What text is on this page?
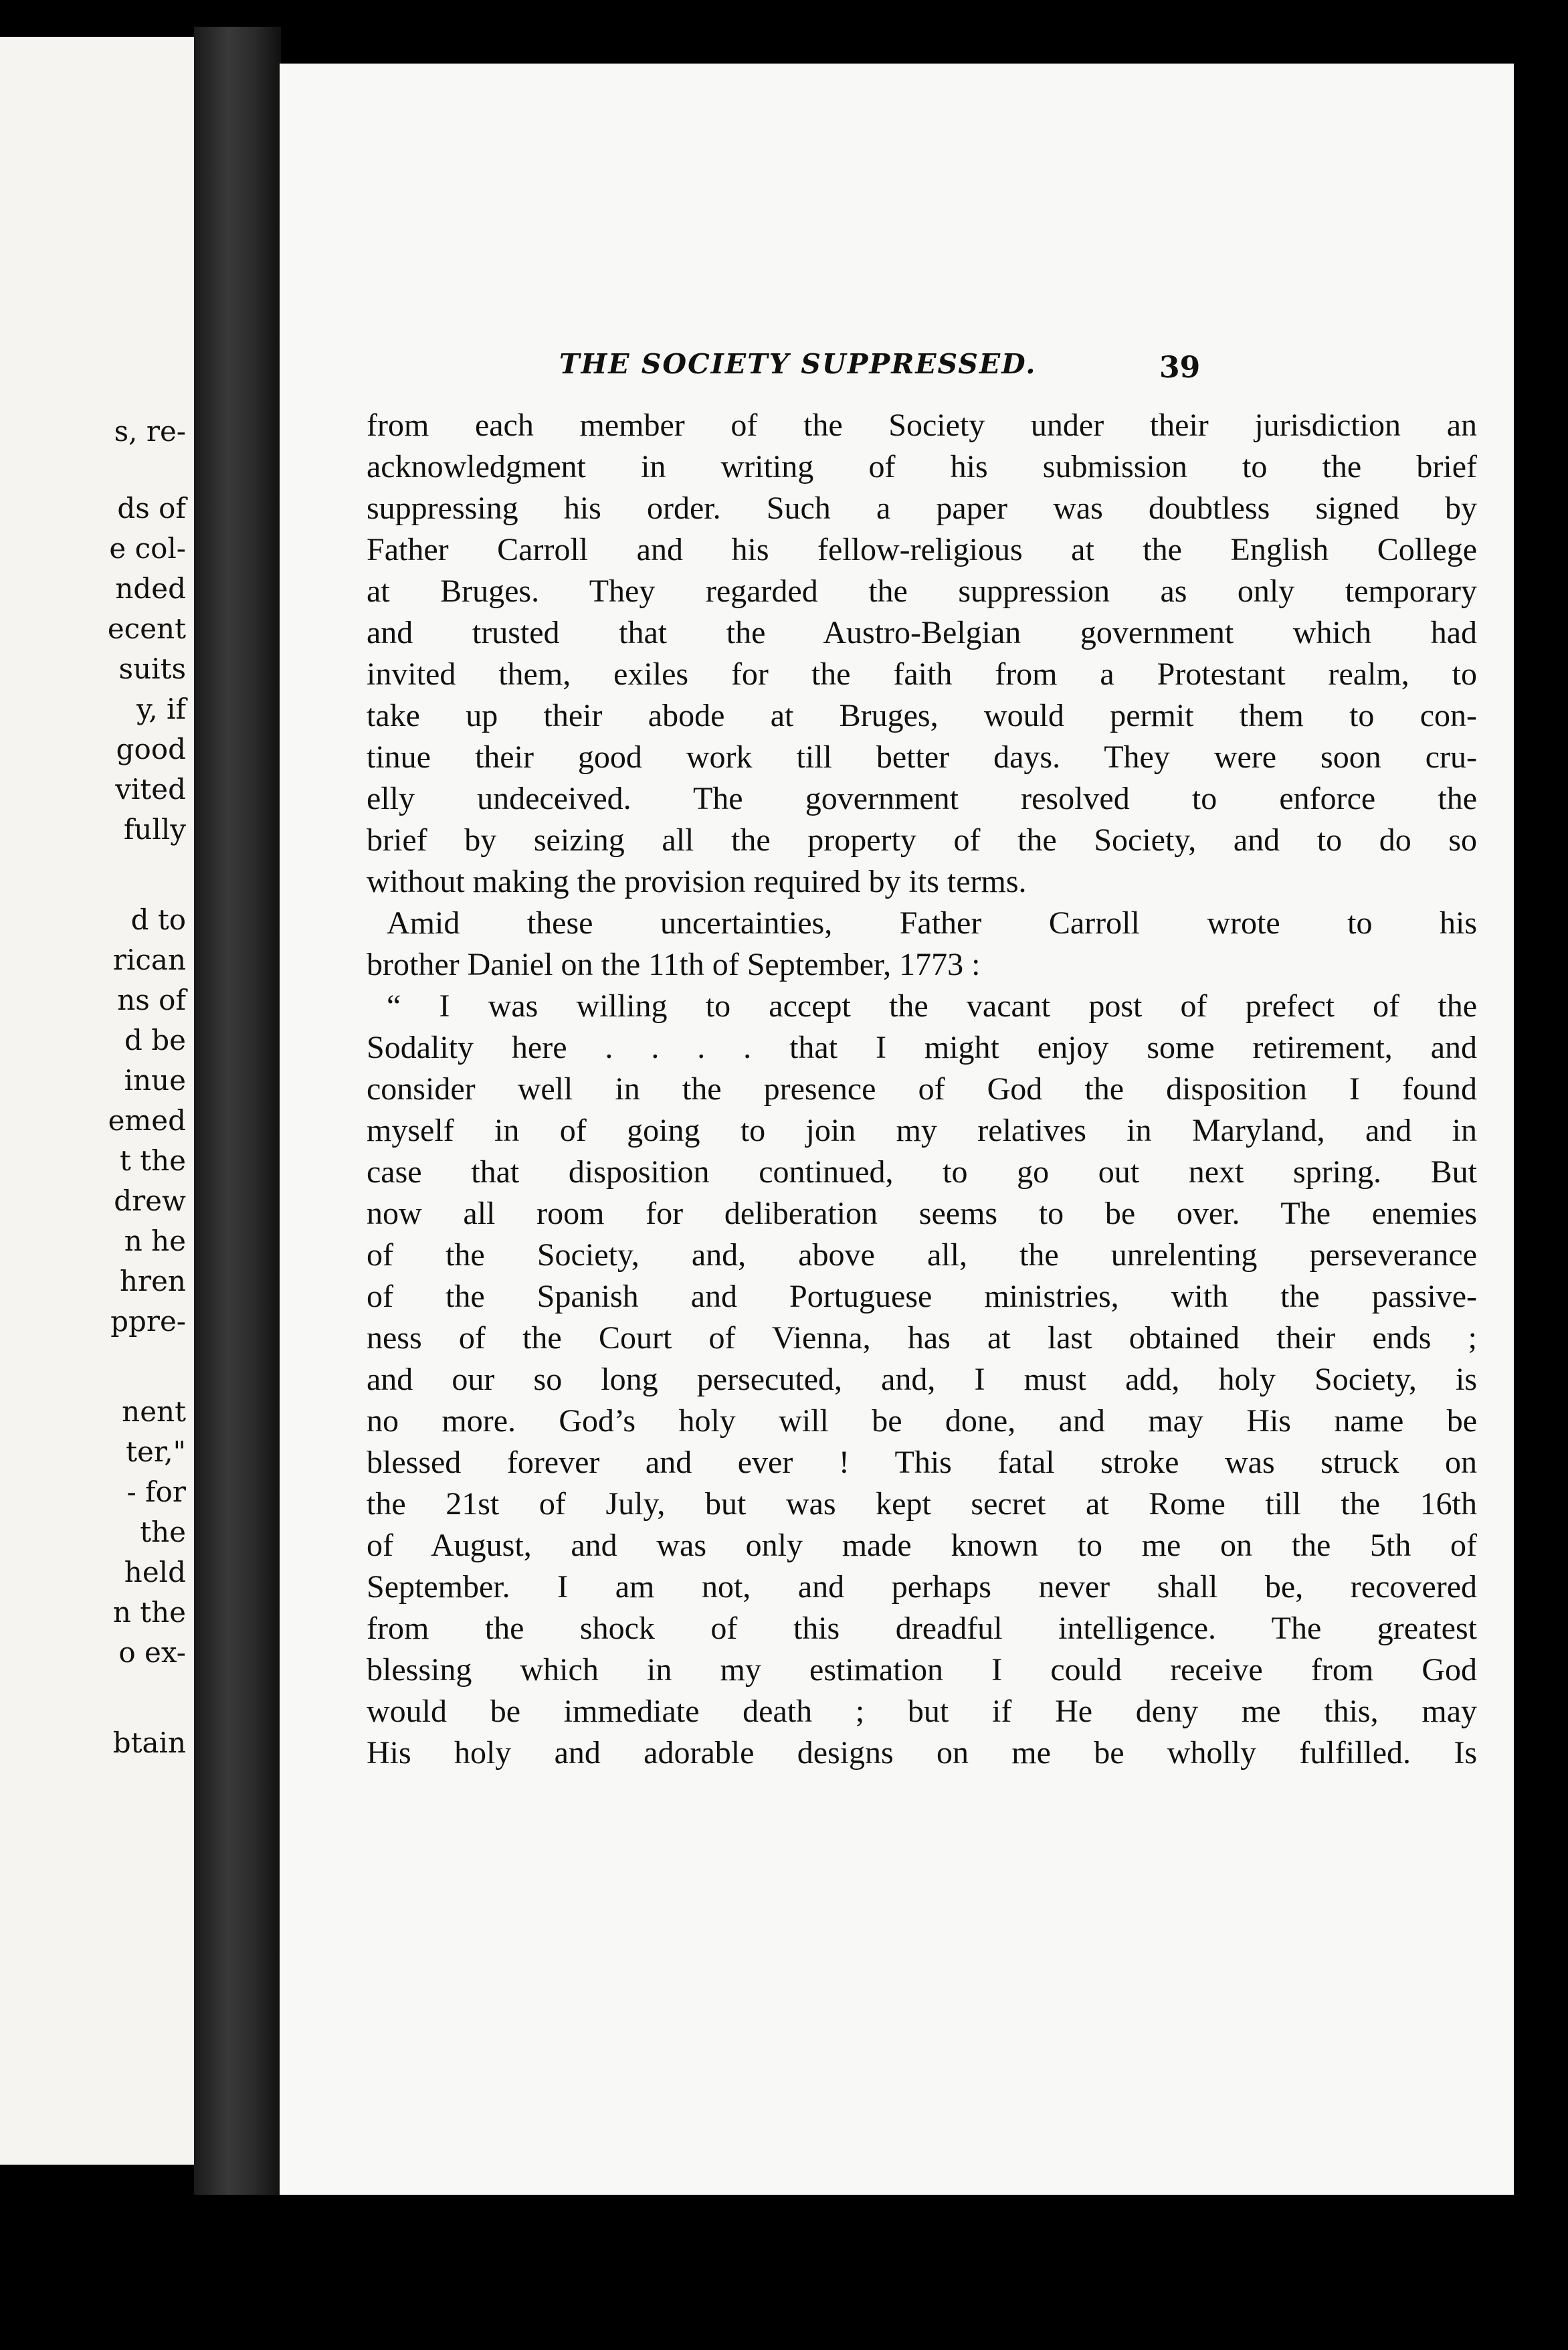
s, re-
ds of
e col-
nded
ecent
suits
y, if
good
vited
fully
d to
rican
ns of
d be
inue
emed
t the
drew
n he
hren
ppre-
nent
ter,"
- for
the
held
n the
o ex-
btain
THE SOCIETY SUPPRESSED.	39
from each member of the Society under their jurisdiction an
acknowledgment in writing of his submission to the brief
suppressing his order. Such a paper was doubtless signed by
Father Carroll and his fellow-religious at the English College
at Bruges. They regarded the suppression as only temporary
and trusted that the Austro-Belgian government which had
invited them, exiles for the faith from a Protestant realm, to
take up their abode at Bruges, would permit them to con-
tinue their good work till better days. They were soon cru-
elly undeceived. The government resolved to enforce the
brief by seizing all the property of the Society, and to do so
without making the provision required by its terms.
Amid these uncertainties, Father Carroll wrote to his
brother Daniel on the 11th of September, 1773 :
“ I was willing to accept the vacant post of prefect of the
Sodality here . . . . that I might enjoy some retirement, and
consider well in the presence of God the disposition I found
myself in of going to join my relatives in Maryland, and in
case that disposition continued, to go out next spring. But
now all room for deliberation seems to be over. The enemies
of the Society, and, above all, the unrelenting perseverance
of the Spanish and Portuguese ministries, with the passive-
ness of the Court of Vienna, has at last obtained their ends ;
and our so long persecuted, and, I must add, holy Society, is
no more. God’s holy will be done, and may His name be
blessed forever and ever ! This fatal stroke was struck on
the 21st of July, but was kept secret at Rome till the 16th
of August, and was only made known to me on the 5th of
September. I am not, and perhaps never shall be, recovered
from the shock of this dreadful intelligence. The greatest
blessing which in my estimation I could receive from God
would be immediate death ; but if He deny me this, may
His holy and adorable designs on me be wholly fulfilled. Is
